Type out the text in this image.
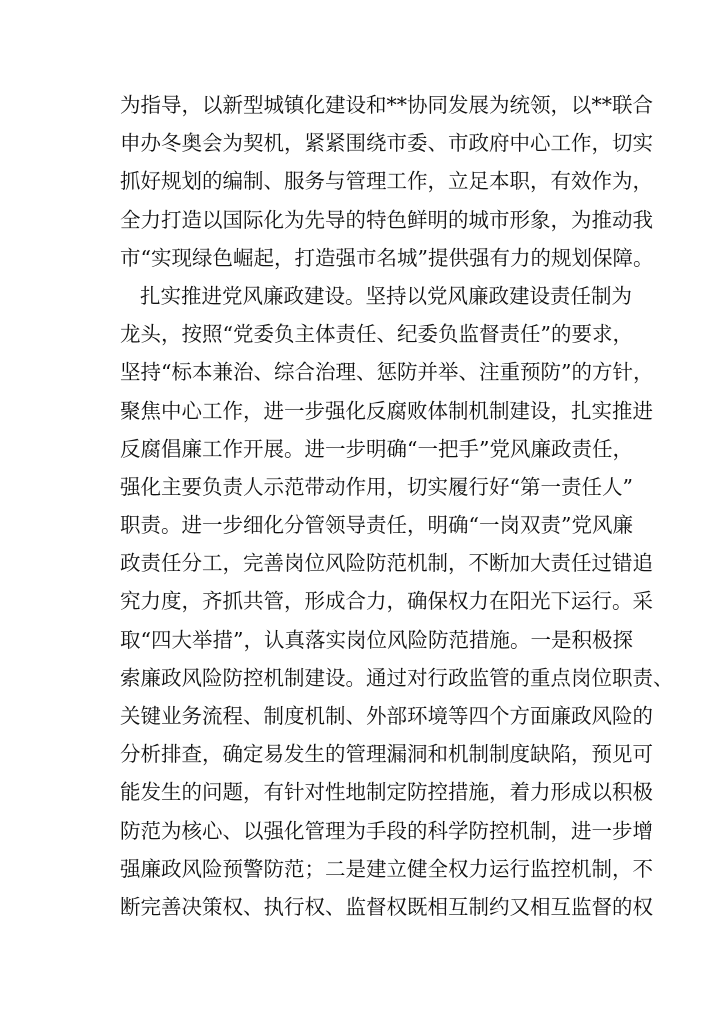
为指导，以新型城镇化建设和**协同发展为统领，以**联合
申办冬奥会为契机，紧紧围绕市委、市政府中心工作，切实
抓好规划的编制、服务与管理工作，立足本职，有效作为，
全力打造以国际化为先导的特色鲜明的城市形象，为推动我
市“实现绿色崛起，打造强市名城”提供强有力的规划保障。
扎实推进党风廉政建设。坚持以党风廉政建设责任制为
龙头，按照“党委负主体责任、纪委负监督责任”的要求，
坚持“标本兼治、综合治理、惩防并举、注重预防”的方针，
聚焦中心工作，进一步强化反腐败体制机制建设，扎实推进
反腐倡廉工作开展。进一步明确“一把手”党风廉政责任，
强化主要负责人示范带动作用，切实履行好“第一责任人”
职责。进一步细化分管领导责任，明确“一岗双责”党风廉
政责任分工，完善岗位风险防范机制，不断加大责任过错追
究力度，齐抓共管，形成合力，确保权力在阳光下运行。采
取“四大举措”，认真落实岗位风险防范措施。一是积极探
索廉政风险防控机制建设。通过对行政监管的重点岗位职责、
关键业务流程、制度机制、外部环境等四个方面廉政风险的
分析排查，确定易发生的管理漏洞和机制制度缺陷，预见可
能发生的问题，有针对性地制定防控措施，着力形成以积极
防范为核心、以强化管理为手段的科学防控机制，进一步增
强廉政风险预警防范；二是建立健全权力运行监控机制，不
断完善决策权、执行权、监督权既相互制约又相互监督的权
